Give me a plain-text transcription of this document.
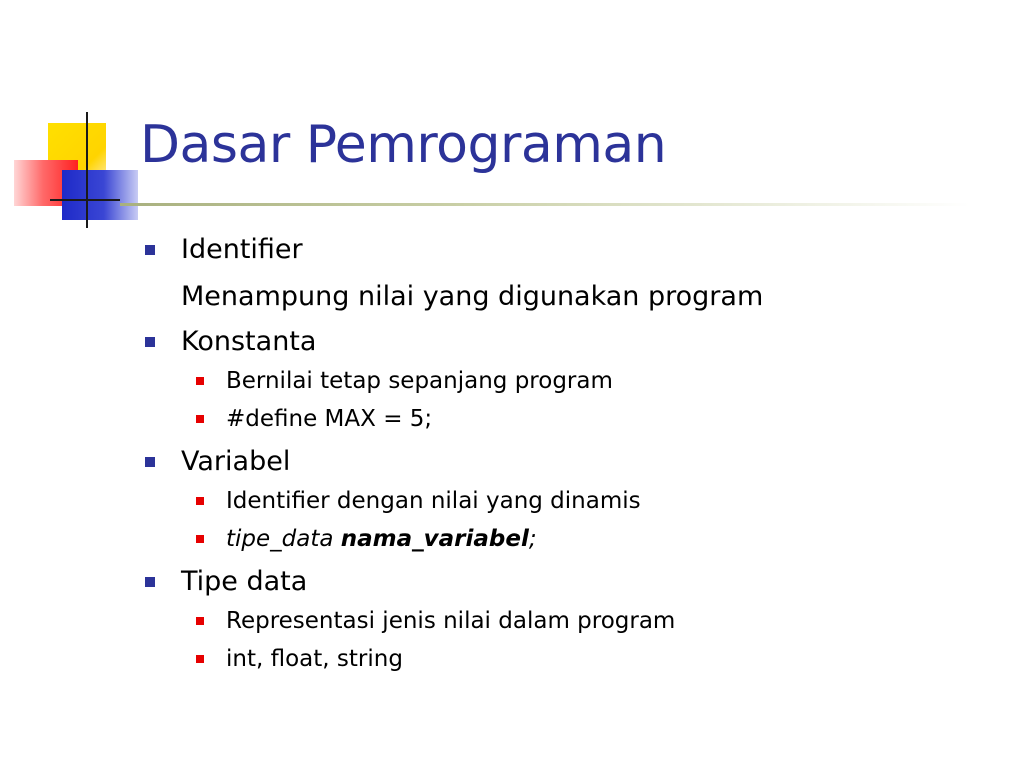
Dasar Pemrograman
Identifier
Menampung nilai yang digunakan program
Konstanta
Bernilai tetap sepanjang program
#define MAX = 5;
Variabel
Identifier dengan nilai yang dinamis
tipe_data nama_variabel;
Tipe data
Representasi jenis nilai dalam program
int, float, string
